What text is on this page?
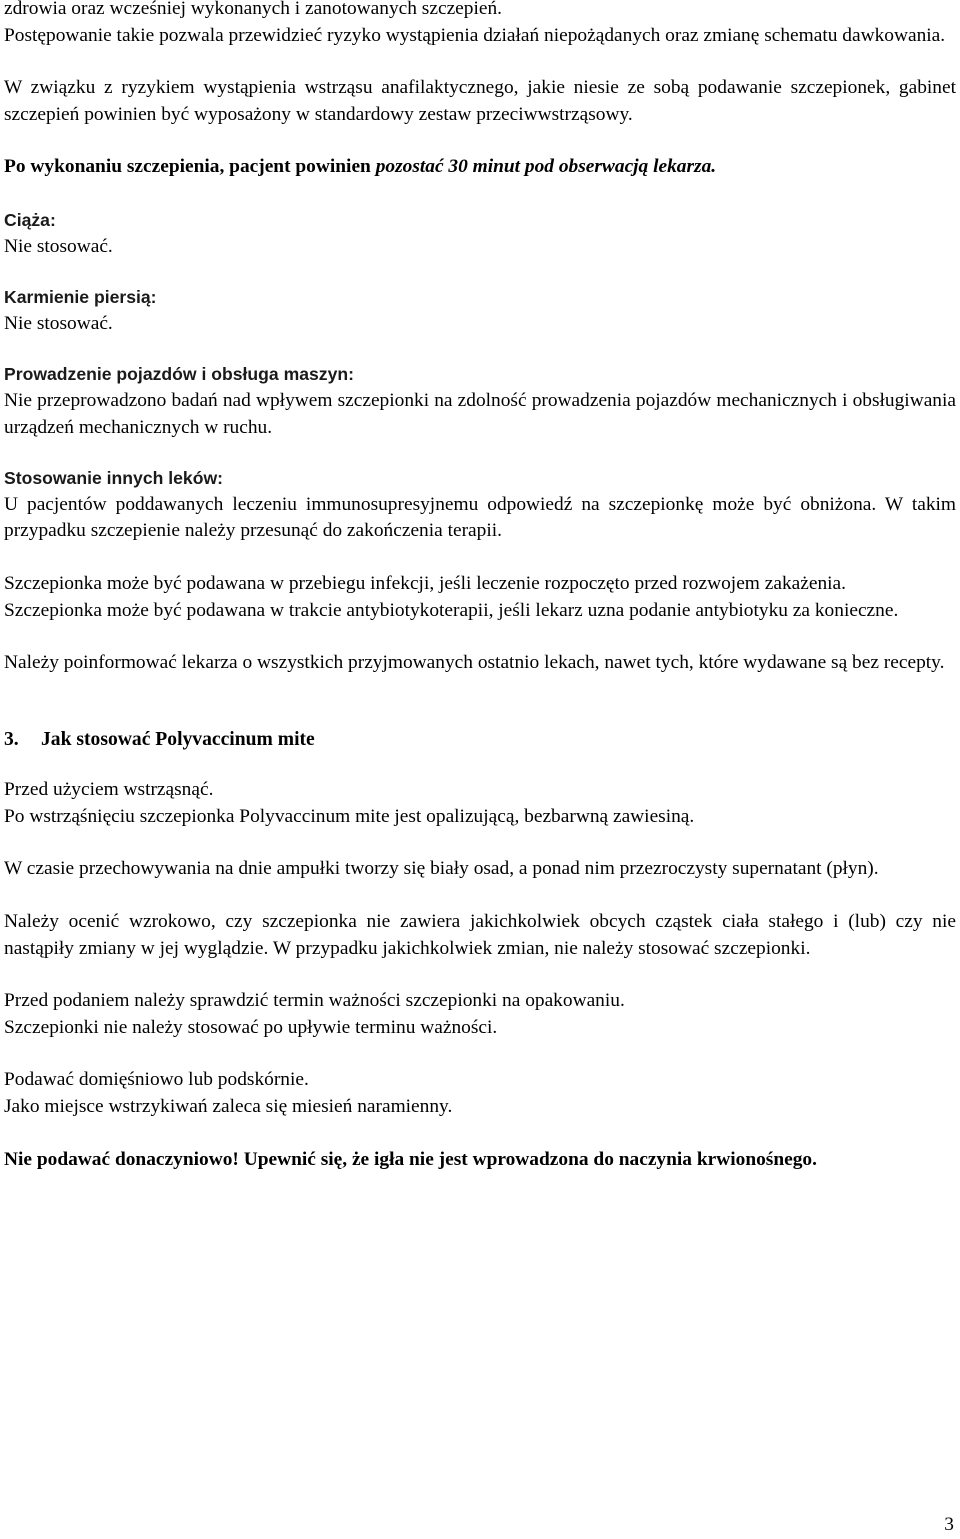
zdrowia oraz wcześniej wykonanych i zanotowanych szczepień.

Postępowanie takie pozwala przewidzieć ryzyko wystąpienia działań niepożądanych oraz zmianę schematu dawkowania.

W związku z ryzykiem wystąpienia wstrząsu anafilaktycznego, jakie niesie ze sobą podawanie szczepionek, gabinet szczepień powinien być wyposażony w standardowy zestaw przeciwwstrząsowy.

Po wykonaniu szczepienia, pacjent powinien pozostać 30 minut pod obserwacją lekarza.

Ciąża:

Nie stosować.

Karmienie piersią:

Nie stosować.

Prowadzenie pojazdów i obsługa maszyn:

Nie przeprowadzono badań nad wpływem szczepionki na zdolność prowadzenia pojazdów mechanicznych i obsługiwania urządzeń mechanicznych w ruchu.

Stosowanie innych leków:

U pacjentów poddawanych leczeniu immunosupresyjnemu odpowiedź na szczepionkę może być obniżona. W takim przypadku szczepienie należy przesunąć do zakończenia terapii.

Szczepionka może być podawana w przebiegu infekcji, jeśli leczenie rozpoczęto przed rozwojem zakażenia.

Szczepionka może być podawana w trakcie antybiotykoterapii, jeśli lekarz uzna podanie antybiotyku za konieczne.

Należy poinformować lekarza o wszystkich przyjmowanych ostatnio lekach, nawet tych, które wydawane są bez recepty.

3. Jak stosować Polyvaccinum mite

Przed użyciem wstrząsnąć.

Po wstrząśnięciu szczepionka Polyvaccinum mite jest opalizującą, bezbarwną zawiesiną.

W czasie przechowywania na dnie ampułki tworzy się biały osad, a ponad nim przezroczysty supernatant (płyn).

Należy ocenić wzrokowo, czy szczepionka nie zawiera jakichkolwiek obcych cząstek ciała stałego i (lub) czy nie nastąpiły zmiany w jej wyglądzie. W przypadku jakichkolwiek zmian, nie należy stosować szczepionki.

Przed podaniem należy sprawdzić termin ważności szczepionki na opakowaniu.

Szczepionki nie należy stosować po upływie terminu ważności.

Podawać domięśniowo lub podskórnie.

Jako miejsce wstrzykiwań zaleca się miesień naramienny.

Nie podawać donaczyniowo! Upewnić się, że igła nie jest wprowadzona do naczynia krwionośnego.

3
